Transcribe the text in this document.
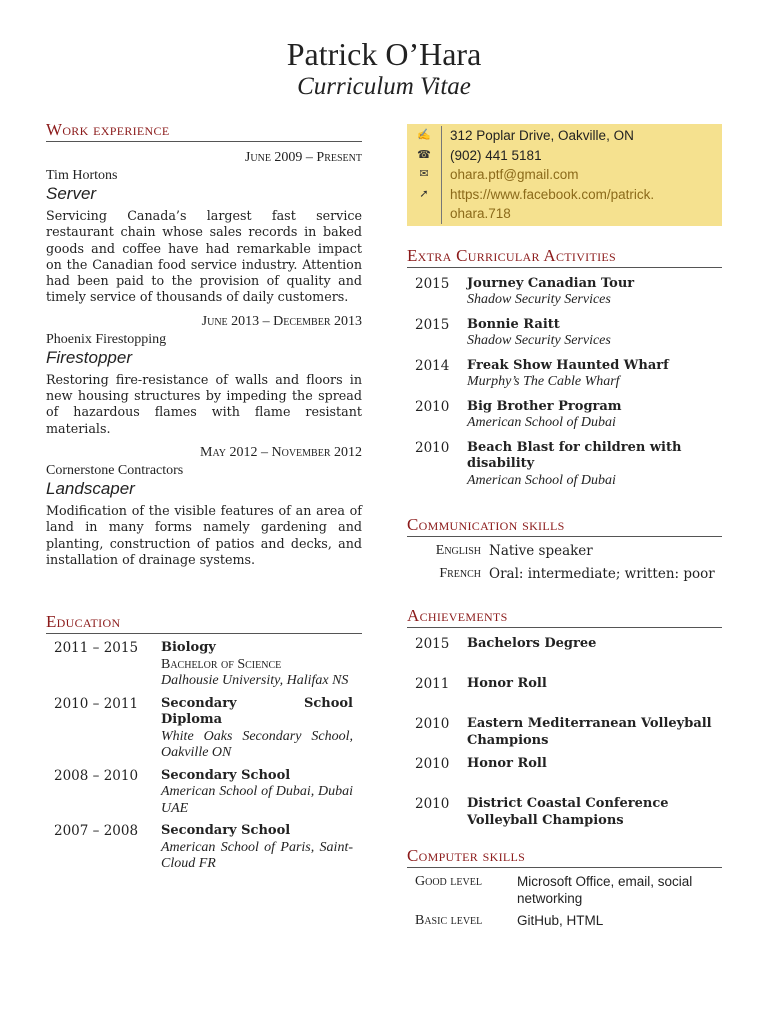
Patrick O’Hara
Curriculum Vitae
Work experience
June 2009 – Present
Tim Hortons
Server
Servicing Canada’s largest fast service restaurant chain whose sales records in baked goods and coffee have had remarkable impact on the Canadian food service industry. Attention had been paid to the provision of quality and timely service of thousands of daily customers.
June 2013 – December 2013
Phoenix Firestopping
Firestopper
Restoring fire-resistance of walls and floors in new housing structures by impeding the spread of hazardous flames with flame resistant materials.
May 2012 – November 2012
Cornerstone Contractors
Landscaper
Modification of the visible features of an area of land in many forms namely gardening and planting, construction of patios and decks, and installation of drainage systems.
Education
2011 – 2015	Biology
Bachelor of Science
Dalhousie University, Halifax NS
2010 – 2011	Secondary School Diploma
White Oaks Secondary School, Oakville ON
2008 – 2010	Secondary School
American School of Dubai, Dubai UAE
2007 – 2008	Secondary School
American School of Paris, Saint-Cloud FR
✍	312 Poplar Drive, Oakville, ON
☎	(902) 441 5181
✉	ohara.ptf@gmail.com
➚	https://www.facebook.com/patrick.
ohara.718
Extra Curricular Activities
2015	Journey Canadian Tour
Shadow Security Services
2015	Bonnie Raitt
Shadow Security Services
2014	Freak Show Haunted Wharf
Murphy’s The Cable Wharf
2010	Big Brother Program
American School of Dubai
2010	Beach Blast for children with disability
American School of Dubai
Communication skills
English Native speaker
French Oral: intermediate; written: poor
Achievements
2015	Bachelors Degree
2011	Honor Roll
2010	Eastern Mediterranean Volleyball Champions
2010	Honor Roll
2010	District Coastal Conference Volleyball Champions
Computer skills
Good level	Microsoft Office, email, social networking
Basic level	GitHub, HTML
